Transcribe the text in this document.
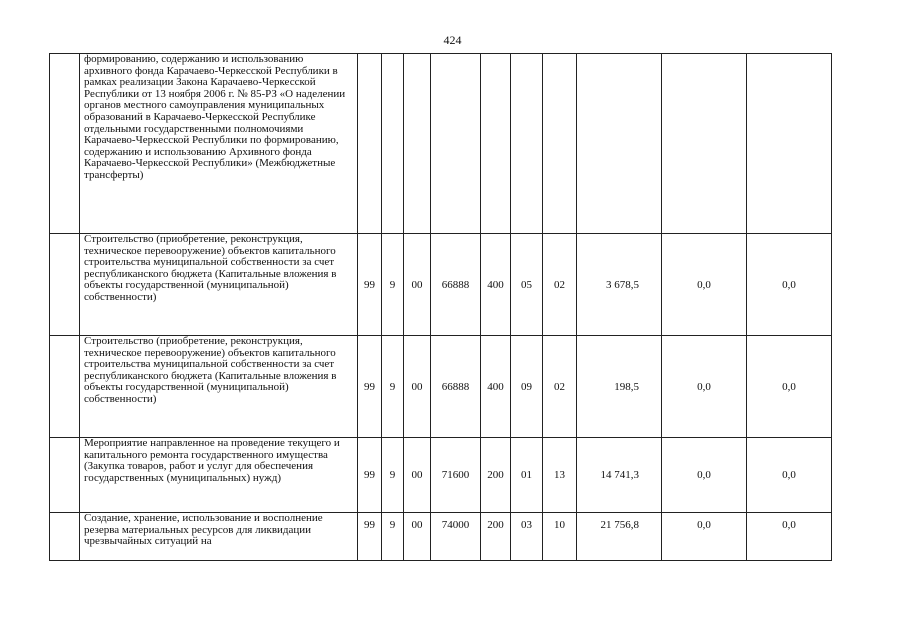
424
	формированию, содержанию и использованию архивного фонда Карачаево-Черкесской Республики в рамках реализации Закона Карачаево-Черкесской Республики от 13 ноября 2006 г. № 85-РЗ «О наделении органов местного самоуправления муниципальных образований в Карачаево-Черкесской Республике отдельными государственными полномочиями Карачаево-Черкесской Республики по формированию, содержанию и использованию Архивного фонда Карачаево-Черкесской Республики» (Межбюджетные трансферты)										
	Строительство (приобретение, реконструкция, техническое перевооружение) объектов капитального строительства муниципальной собственности за счет республиканского бюджета (Капитальные вложения в объекты государственной (муниципальной) собственности)	99	9	00	66888	400	05	02	3 678,5	0,0	0,0
	Строительство (приобретение, реконструкция, техническое перевооружение) объектов капитального строительства муниципальной собственности за счет республиканского бюджета (Капитальные вложения в объекты государственной (муниципальной) собственности)	99	9	00	66888	400	09	02	198,5	0,0	0,0
	Мероприятие направленное на проведение текущего и капитального ремонта государственного имущества (Закупка товаров, работ и услуг для обеспечения государственных (муниципальных) нужд)	99	9	00	71600	200	01	13	14 741,3	0,0	0,0
	Создание, хранение, использование и восполнение резерва материальных ресурсов для ликвидации чрезвычайных ситуаций на	99	9	00	74000	200	03	10	21 756,8	0,0	0,0
